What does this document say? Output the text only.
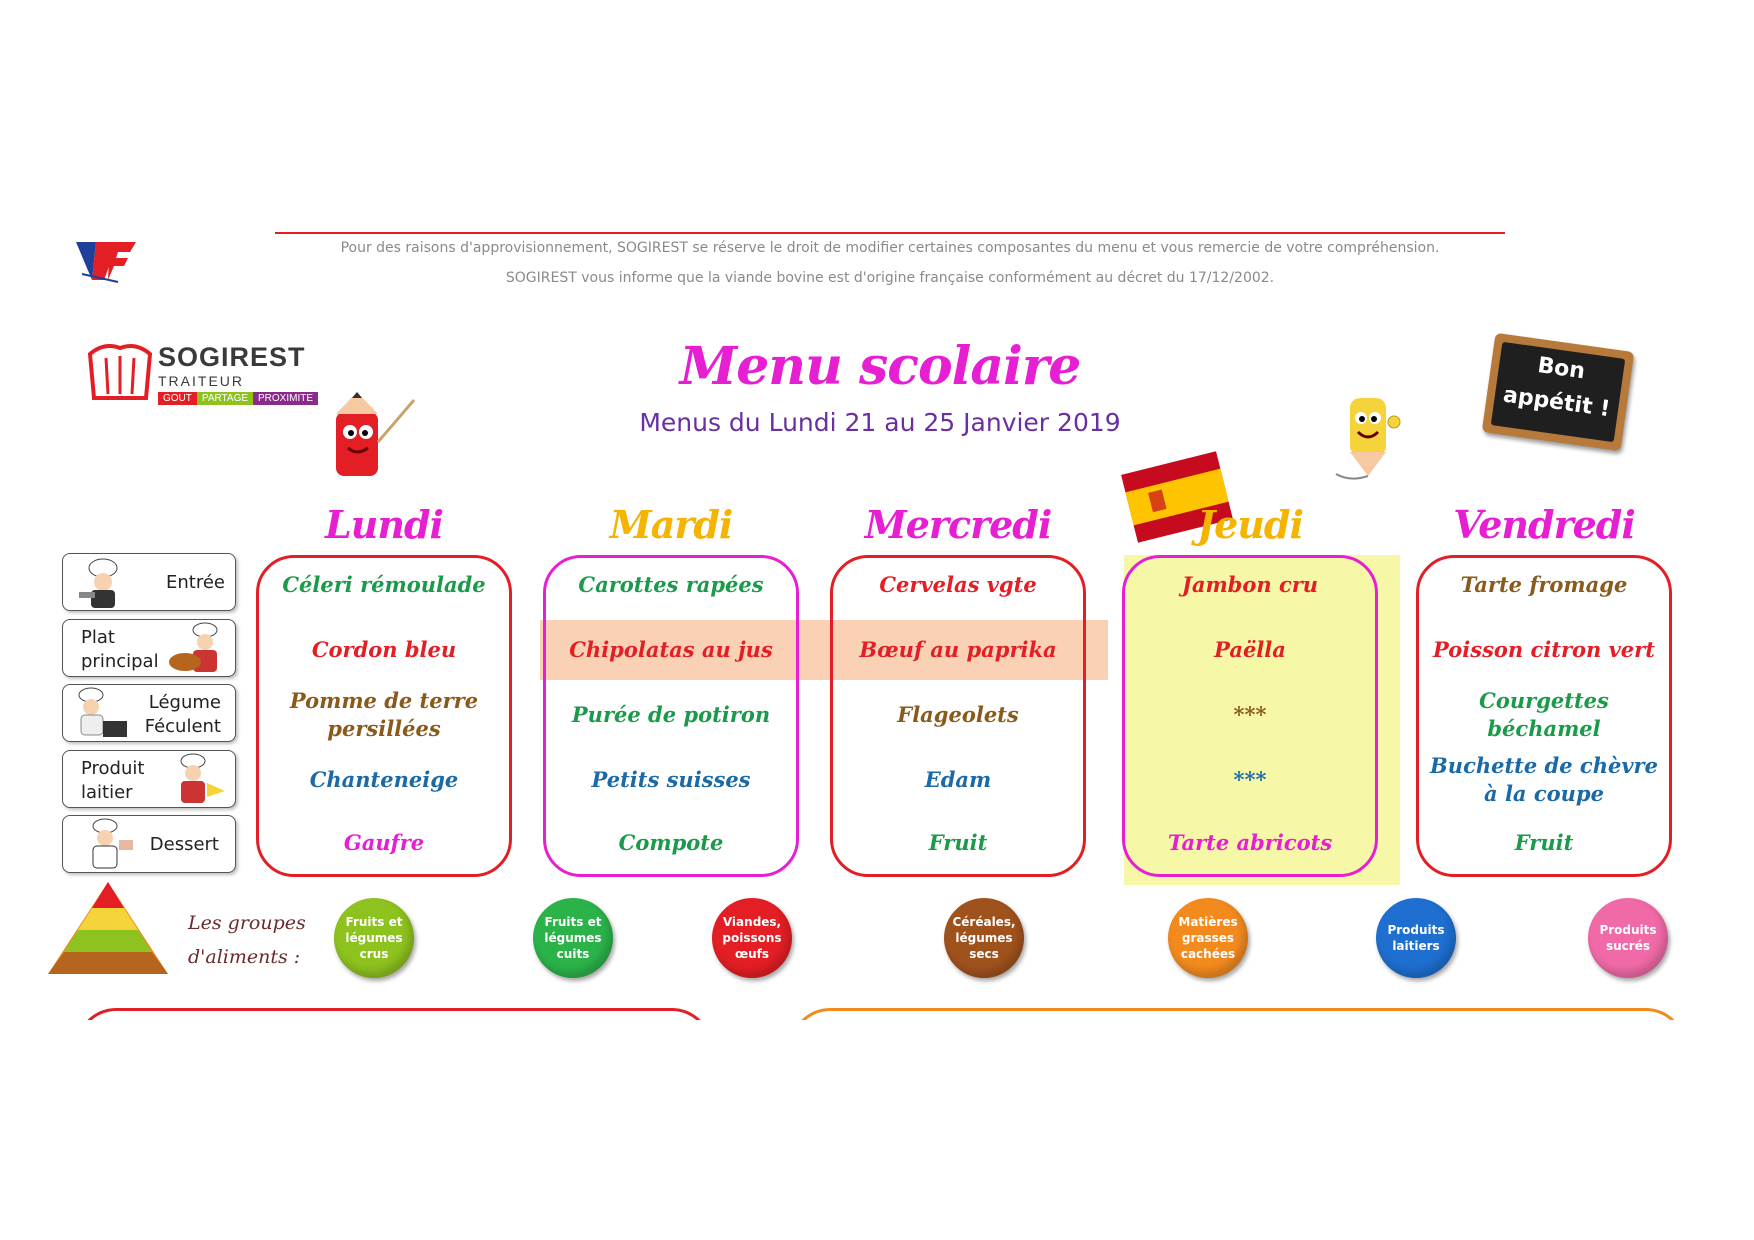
Pour des raisons d'approvisionnement, SOGIREST se réserve le droit de modifier certaines composantes du menu et vous remercie de votre compréhension.
SOGIREST vous informe que la viande bovine est d'origine française conformément au décret du 17/12/2002.
SOGIREST
TRAITEUR
GOUT	PARTAGE	PROXIMITE
Menu scolaire
Menus du Lundi 21 au 25 Janvier 2019
Bon
appétit !
Entrée
Plat principal
Légume Féculent
Produit laitier
Dessert
Lundi
Céleri rémoulade
Cordon bleu
Pomme de terre persillées
Chanteneige
Gaufre
Mardi
Carottes rapées
Chipolatas au jus
Purée de potiron
Petits suisses
Compote
Mercredi
Cervelas vgte
Bœuf au paprika
Flageolets
Edam
Fruit
Jeudi
Jambon cru
Paëlla
***
***
Tarte abricots
Vendredi
Tarte fromage
Poisson citron vert
Courgettes béchamel
Buchette de chèvre à la coupe
Fruit
Les groupes d'aliments :
Fruits et légumes crus
Fruits et légumes cuits
Viandes, poissons œufs
Céréales, légumes secs
Matières grasses cachées
Produits laitiers
Produits sucrés
